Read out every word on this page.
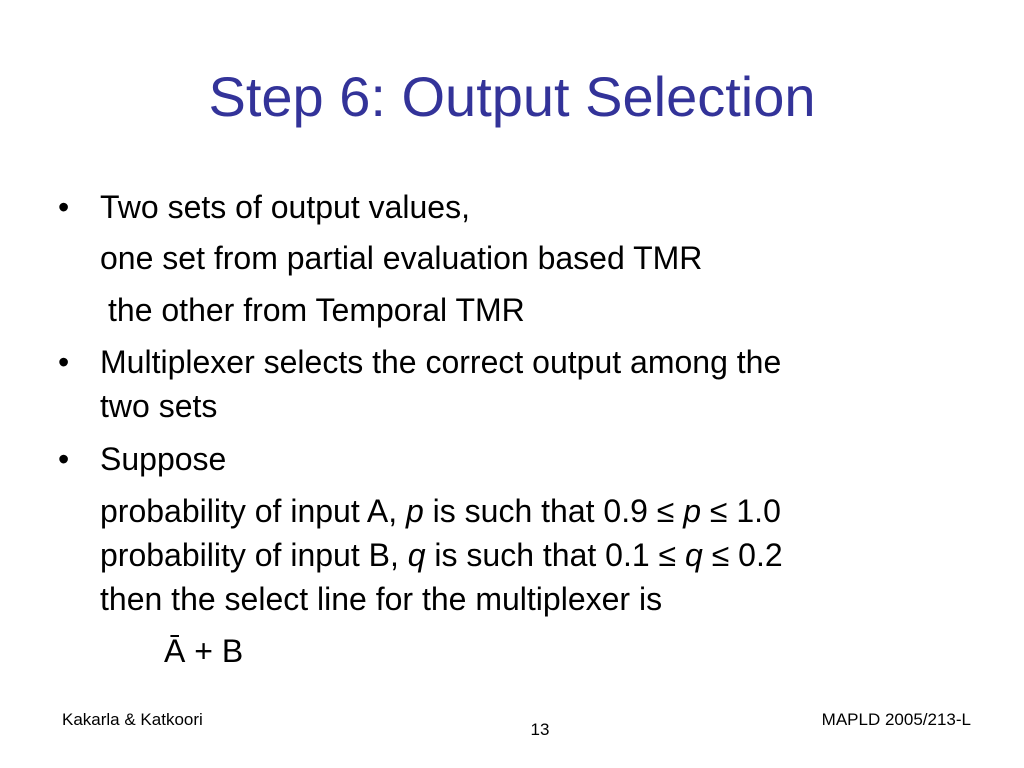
Step 6: Output Selection
• Two sets of output values,
one set from partial evaluation based TMR
the other from Temporal TMR
• Multiplexer selects the correct output among the
two sets
• Suppose
probability of input A, p is such that 0.9 ≤ p ≤ 1.0
probability of input B, q is such that 0.1 ≤ q ≤ 0.2
then the select line for the multiplexer is
Ā + B
Kakarla & Katkoori
13
MAPLD 2005/213-L
